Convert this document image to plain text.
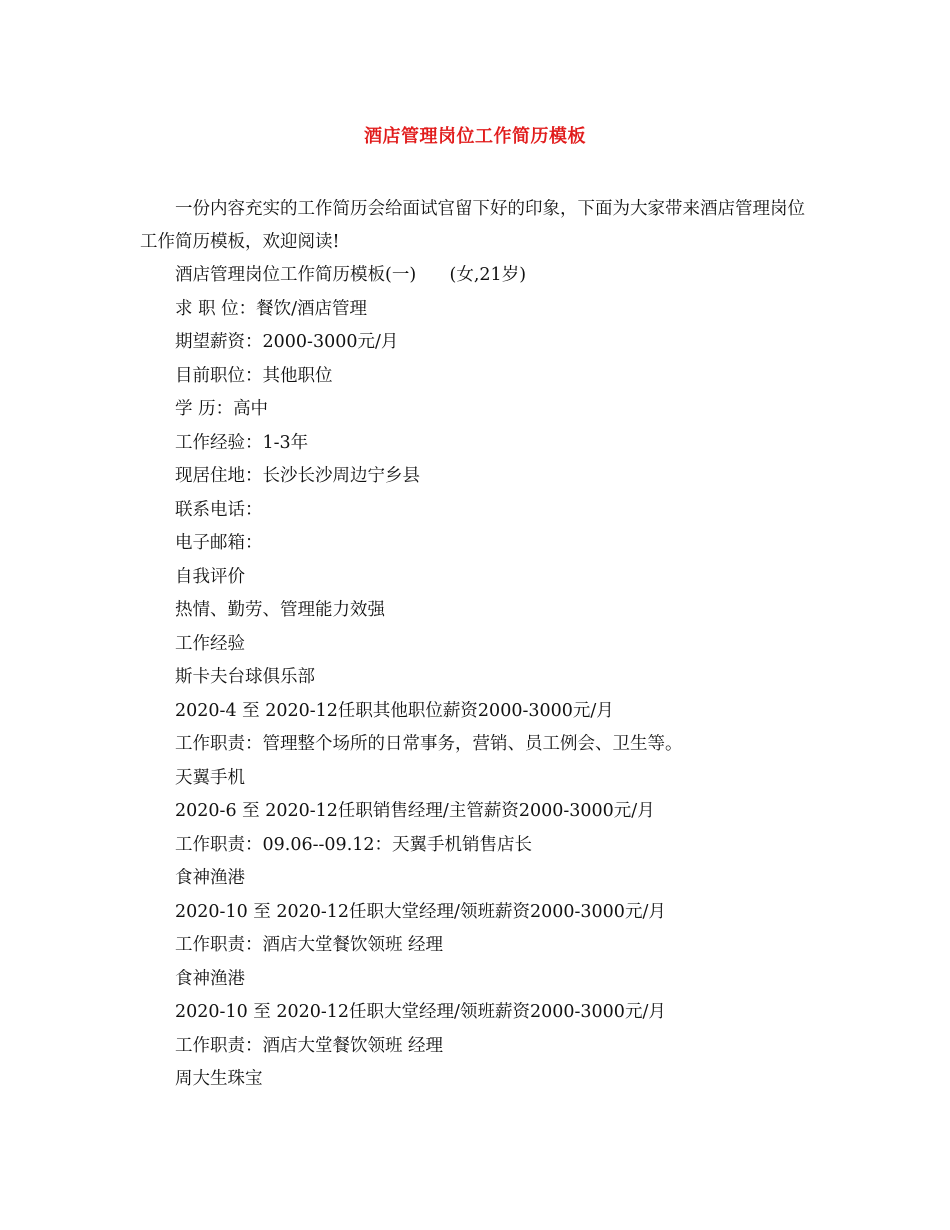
酒店管理岗位工作简历模板

一份内容充实的工作简历会给面试官留下好的印象，下面为大家带来酒店管理岗位工作简历模板，欢迎阅读!

酒店管理岗位工作简历模板(一)      (女,21岁)
求 职 位：餐饮/酒店管理
期望薪资：2000-3000元/月
目前职位：其他职位
学 历：高中
工作经验：1-3年
现居住地：长沙长沙周边宁乡县
联系电话：
电子邮箱：
自我评价
热情、勤劳、管理能力效强
工作经验
斯卡夫台球俱乐部
2020-4 至 2020-12任职其他职位薪资2000-3000元/月
工作职责：管理整个场所的日常事务，营销、员工例会、卫生等。
天翼手机
2020-6 至 2020-12任职销售经理/主管薪资2000-3000元/月
工作职责：09.06--09.12：天翼手机销售店长
食神渔港
2020-10 至 2020-12任职大堂经理/领班薪资2000-3000元/月
工作职责：酒店大堂餐饮领班 经理
食神渔港
2020-10 至 2020-12任职大堂经理/领班薪资2000-3000元/月
工作职责：酒店大堂餐饮领班 经理
周大生珠宝
